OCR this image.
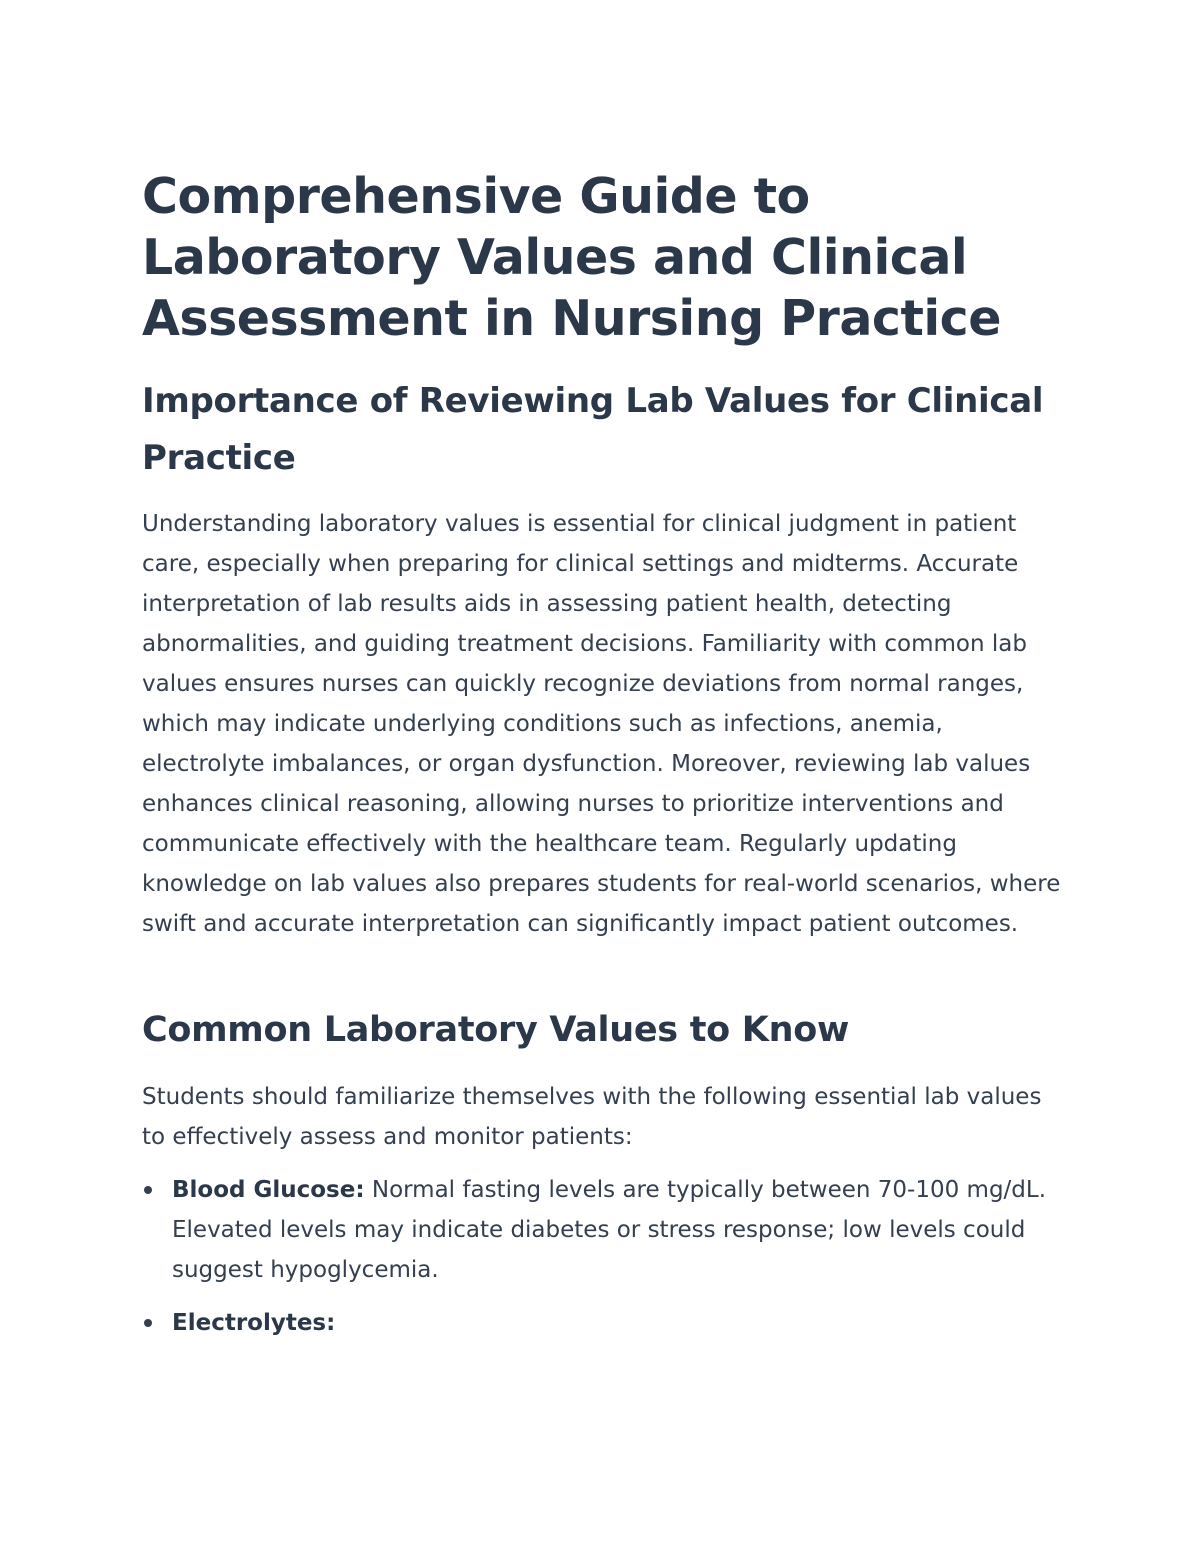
Comprehensive Guide to Laboratory Values and Clinical Assessment in Nursing Practice
Importance of Reviewing Lab Values for Clinical Practice

Understanding laboratory values is essential for clinical judgment in patient care, especially when preparing for clinical settings and midterms. Accurate interpretation of lab results aids in assessing patient health, detecting abnormalities, and guiding treatment decisions. Familiarity with common lab values ensures nurses can quickly recognize deviations from normal ranges, which may indicate underlying conditions such as infections, anemia, electrolyte imbalances, or organ dysfunction. Moreover, reviewing lab values enhances clinical reasoning, allowing nurses to prioritize interventions and communicate effectively with the healthcare team. Regularly updating knowledge on lab values also prepares students for real-world scenarios, where swift and accurate interpretation can significantly impact patient outcomes.

Common Laboratory Values to Know

Students should familiarize themselves with the following essential lab values to effectively assess and monitor patients:

Blood Glucose: Normal fasting levels are typically between 70-100 mg/dL. Elevated levels may indicate diabetes or stress response; low levels could suggest hypoglycemia.
Electrolytes:
